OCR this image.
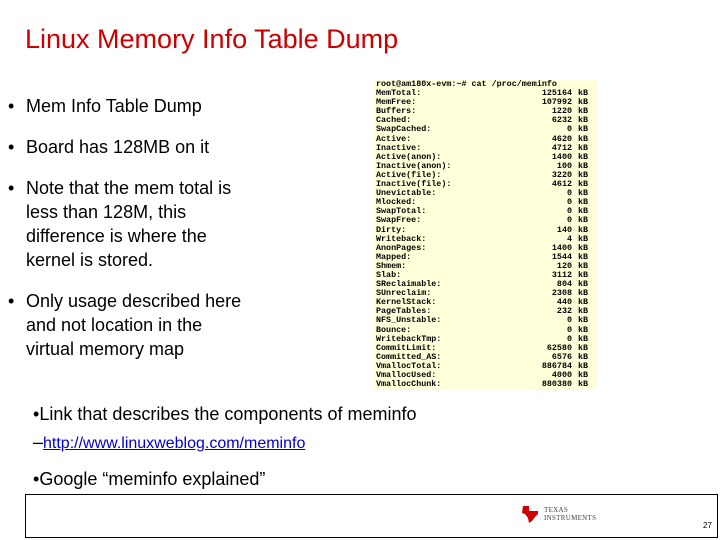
Linux Memory Info Table Dump
• Mem Info Table Dump
• Board has 128MB on it
• Note that the mem total is less than 128M, this difference is where the kernel is stored.
• Only usage described here and not location in the virtual memory map
root@am180x-evm:~# cat /proc/meminfo
MemTotal:	125164 kB
MemFree:	107992 kB
Buffers:	1220 kB
Cached:	6232 kB
SwapCached:	0 kB
Active:	4620 kB
Inactive:	4712 kB
Active(anon):	1400 kB
Inactive(anon):	100 kB
Active(file):	3220 kB
Inactive(file):	4612 kB
Unevictable:	0 kB
Mlocked:	0 kB
SwapTotal:	0 kB
SwapFree:	0 kB
Dirty:	140 kB
Writeback:	4 kB
AnonPages:	1400 kB
Mapped:	1544 kB
Shmem:	120 kB
Slab:	3112 kB
SReclaimable:	804 kB
SUnreclaim:	2308 kB
KernelStack:	440 kB
PageTables:	232 kB
NFS_Unstable:	0 kB
Bounce:	0 kB
WritebackTmp:	0 kB
CommitLimit:	62580 kB
Committed_AS:	6576 kB
VmallocTotal:	886784 kB
VmallocUsed:	4000 kB
VmallocChunk:	880380 kB
•Link that describes the components of meminfo
–http://www.linuxweblog.com/meminfo
•Google “meminfo explained”
TEXAS
INSTRUMENTS
27
